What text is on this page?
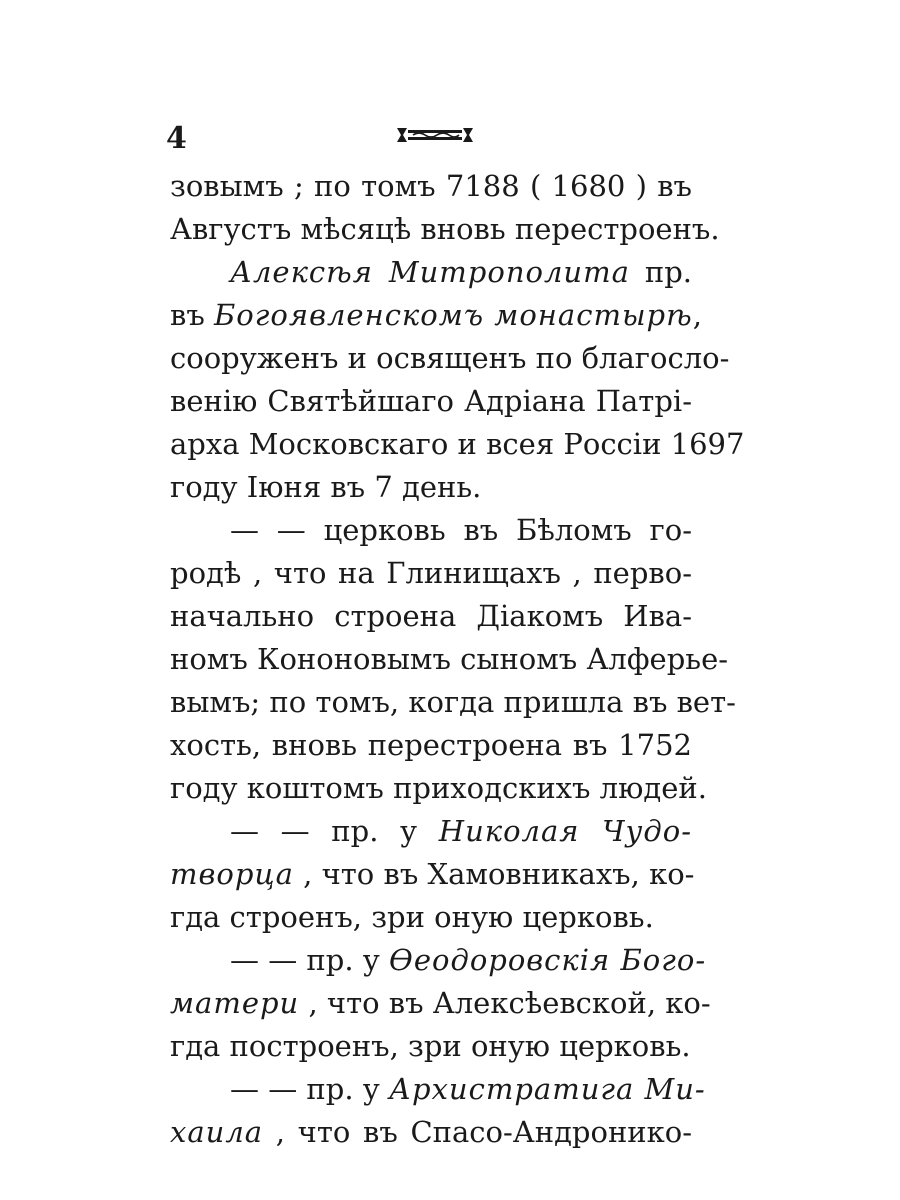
4
зовымъ ; по томъ 7188 ( 1680 ) въ
Августъ мѣсяцѣ вновь перестроенъ.
Алексѣя Митрополита пр.
въ Богоявленскомъ монастырѣ,
сооруженъ и освященъ по благосло-
венію Святѣйшаго Адріана Патрі-
арха Московскаго и всея Россіи 1697
году Іюня въ 7 день.
— — церковь въ Бѣломъ го-
родѣ , что на Глинищахъ , перво-
начально строена Діакомъ Ива-
номъ Кононовымъ сыномъ Алферье-
вымъ; по томъ, когда пришла въ вет-
хость, вновь перестроена въ 1752
году коштомъ приходскихъ людей.
— — пр. у Николая Чудо-
творца , что въ Хамовникахъ, ко-
гда строенъ, зри оную церковь.
— — пр. у Ѳеодоровскія Бого-
матери , что въ Алексѣевской, ко-
гда построенъ, зри оную церковь.
— — пр. у Архистратига Ми-
хаила , что въ Спасо-Андронико-
